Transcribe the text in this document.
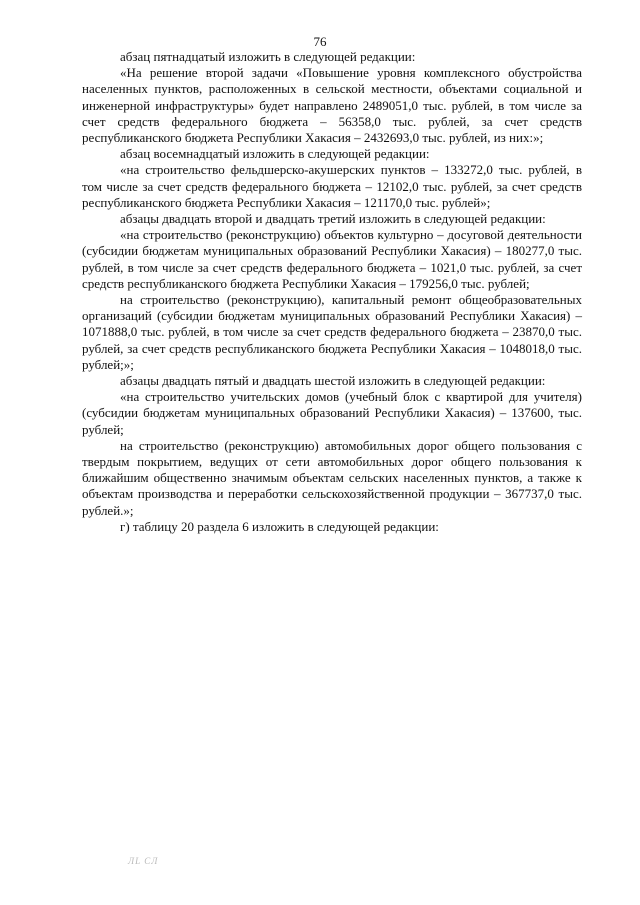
76

абзац пятнадцатый изложить в следующей редакции:

«На решение второй задачи «Повышение уровня комплексного обустройства населенных пунктов, расположенных в сельской местности, объектами социальной и инженерной инфраструктуры» будет направлено 2489051,0 тыс. рублей, в том числе за счет средств федерального бюджета – 56358,0 тыс. рублей, за счет средств республиканского бюджета Республики Хакасия – 2432693,0 тыс. рублей, из них:»;

абзац восемнадцатый изложить в следующей редакции:

«на строительство фельдшерско-акушерских пунктов – 133272,0 тыс. рублей, в том числе за счет средств федерального бюджета – 12102,0 тыс. рублей, за счет средств республиканского бюджета Республики Хакасия – 121170,0 тыс. рублей»;

абзацы двадцать второй и двадцать третий изложить в следующей редакции:

«на строительство (реконструкцию) объектов культурно – досуговой деятельности (субсидии бюджетам муниципальных образований Республики Хакасия) – 180277,0 тыс. рублей, в том числе за счет средств федерального бюджета – 1021,0 тыс. рублей, за счет средств республиканского бюджета Республики Хакасия – 179256,0 тыс. рублей;

на строительство (реконструкцию), капитальный ремонт общеобразовательных организаций (субсидии бюджетам муниципальных образований Республики Хакасия) – 1071888,0 тыс. рублей, в том числе за счет средств федерального бюджета – 23870,0 тыс. рублей, за счет средств республиканского бюджета Республики Хакасия – 1048018,0 тыс. рублей;»;

абзацы двадцать пятый и двадцать шестой изложить в следующей редакции:

«на строительство учительских домов (учебный блок с квартирой для учителя) (субсидии бюджетам муниципальных образований Республики Хакасия) – 137600, тыс. рублей;

на строительство (реконструкцию) автомобильных дорог общего пользования с твердым покрытием, ведущих от сети автомобильных дорог общего пользования к ближайшим общественно значимым объектам сельских населенных пунктов, а также к объектам производства и переработки сельскохозяйственной продукции – 367737,0 тыс. рублей.»;

г) таблицу 20 раздела 6 изложить в следующей редакции:

ЛL СЛ
